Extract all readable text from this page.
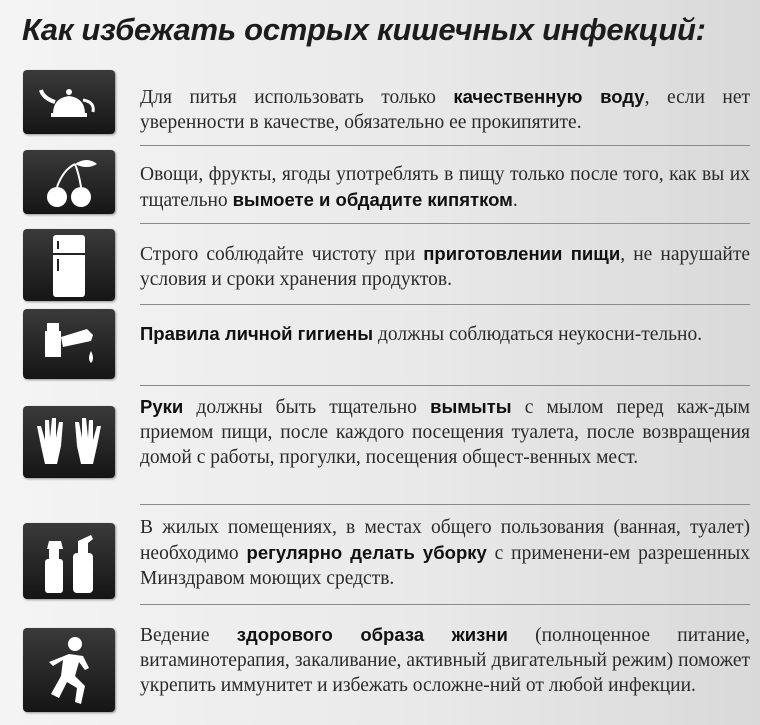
Как избежать острых кишечных инфекций:
Для питья использовать только качественную воду, если нет уверенности в качестве, обязательно ее прокипятите.
Овощи, фрукты, ягоды употреблять в пищу только после того, как вы их тщательно вымоете и обдадите кипятком.
Строго соблюдайте чистоту при приготовлении пищи, не нарушайте условия и сроки хранения продуктов.
Правила личной гигиены должны соблюдаться неукосни-тельно.
Руки должны быть тщательно вымыты с мылом перед каж-дым приемом пищи, после каждого посещения туалета, после возвращения домой с работы, прогулки, посещения общест-венных мест.
В жилых помещениях, в местах общего пользования (ванная, туалет) необходимо регулярно делать уборку с применени-ем разрешенных Минздравом моющих средств.
Ведение здорового образа жизни (полноценное питание, витаминотерапия, закаливание, активный двигательный режим) поможет укрепить иммунитет и избежать осложне-ний от любой инфекции.
